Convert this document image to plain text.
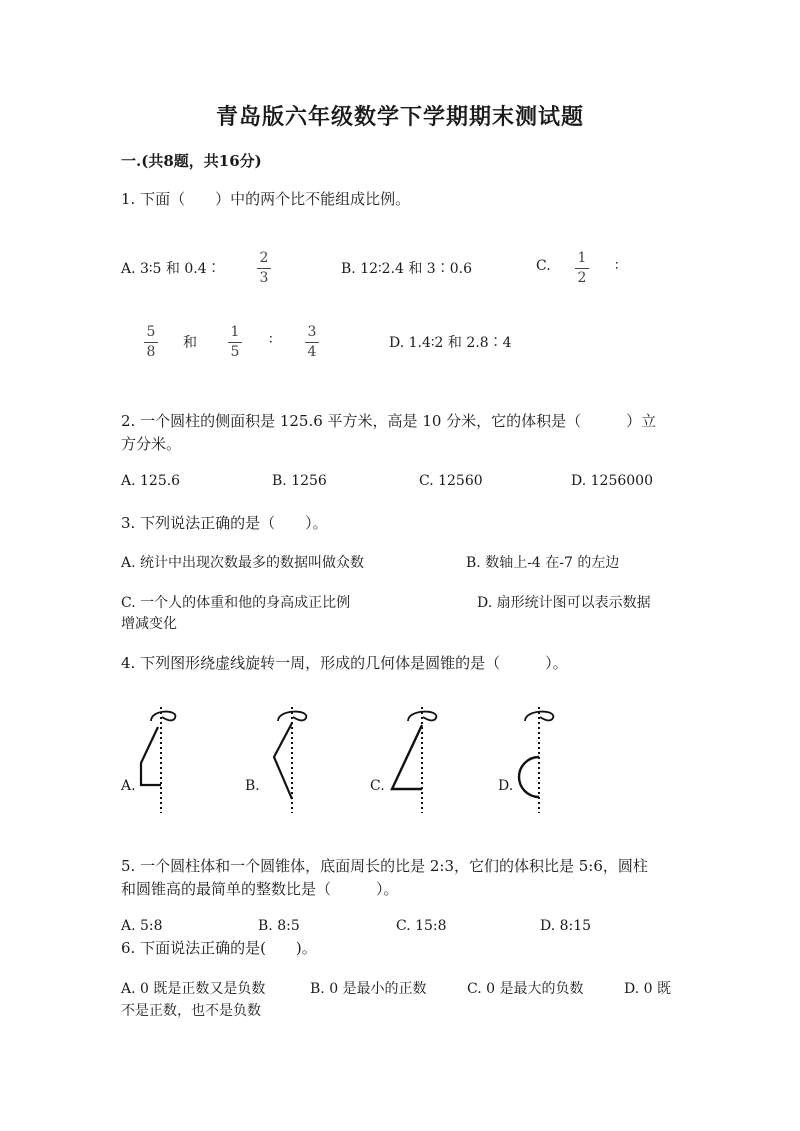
青岛版六年级数学下学期期末测试题
一.(共8题，共16分)
1. 下面（　　）中的两个比不能组成比例。
A. 3∶5 和 0.4∶
2
3
B. 12∶2.4 和 3∶0.6	C. 1
2
∶
5
8
和
1
5
∶ 3
4
D. 1.4∶2 和 2.8∶4
2. 一个圆柱的侧面积是 125.6 平方米，高是 10 分米，它的体积是（　　　）立
方分米。
A. 125.6	B. 1256	C. 12560	D. 1256000
3. 下列说法正确的是（　　）。
A. 统计中出现次数最多的数据叫做众数	B. 数轴上-4 在-7 的左边
C. 一个人的体重和他的身高成正比例	D. 扇形统计图可以表示数据
增减变化
4. 下列图形绕虚线旋转一周，形成的几何体是圆锥的是（　　　）。
A.	B.	C.	D.
5. 一个圆柱体和一个圆锥体，底面周长的比是 2:3，它们的体积比是 5:6，圆柱
和圆锥高的最简单的整数比是（　　　）。
A. 5:8	B. 8:5	C. 15:8	D. 8:15
6. 下面说法正确的是(　　)。
A. 0 既是正数又是负数	B. 0 是最小的正数	C. 0 是最大的负数	D. 0 既
不是正数，也不是负数
